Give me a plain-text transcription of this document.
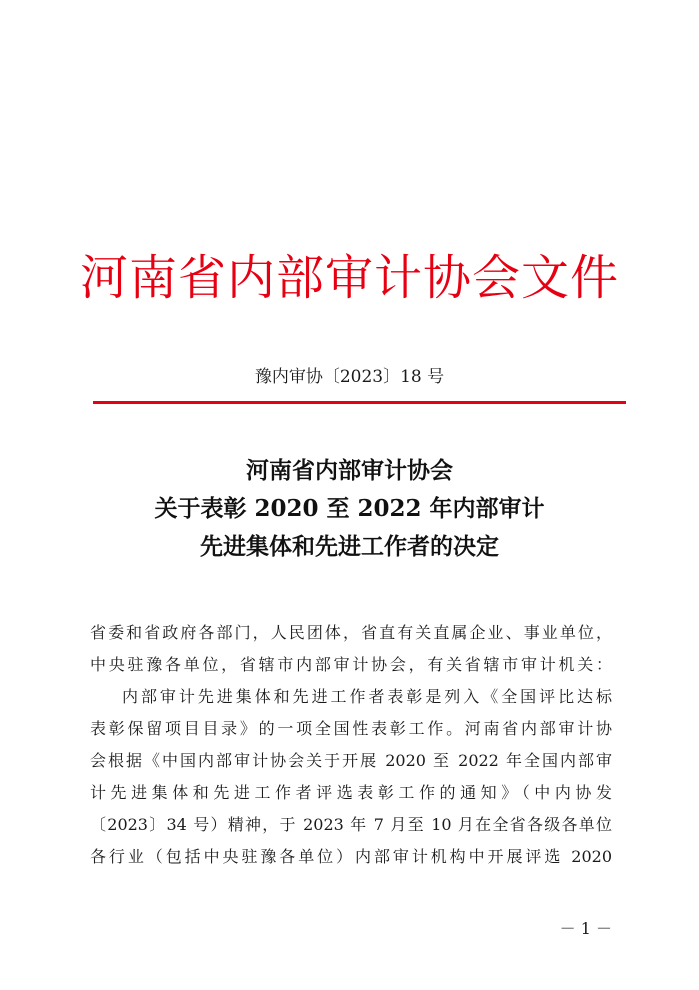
河南省内部审计协会文件
豫内审协〔2023〕18 号
河南省内部审计协会
关于表彰 2020 至 2022 年内部审计
先进集体和先进工作者的决定
省委和省政府各部门，人民团体，省直有关直属企业、事业单位，
中央驻豫各单位，省辖市内部审计协会，有关省辖市审计机关：
内部审计先进集体和先进工作者表彰是列入《全国评比达标
表彰保留项目目录》的一项全国性表彰工作。河南省内部审计协
会根据《中国内部审计协会关于开展 2020 至 2022 年全国内部审
计先进集体和先进工作者评选表彰工作的通知》（中内协发
〔2023〕34 号）精神，于 2023 年 7 月至 10 月在全省各级各单位
各行业（包括中央驻豫各单位）内部审计机构中开展评选 2020
－ 1 －
